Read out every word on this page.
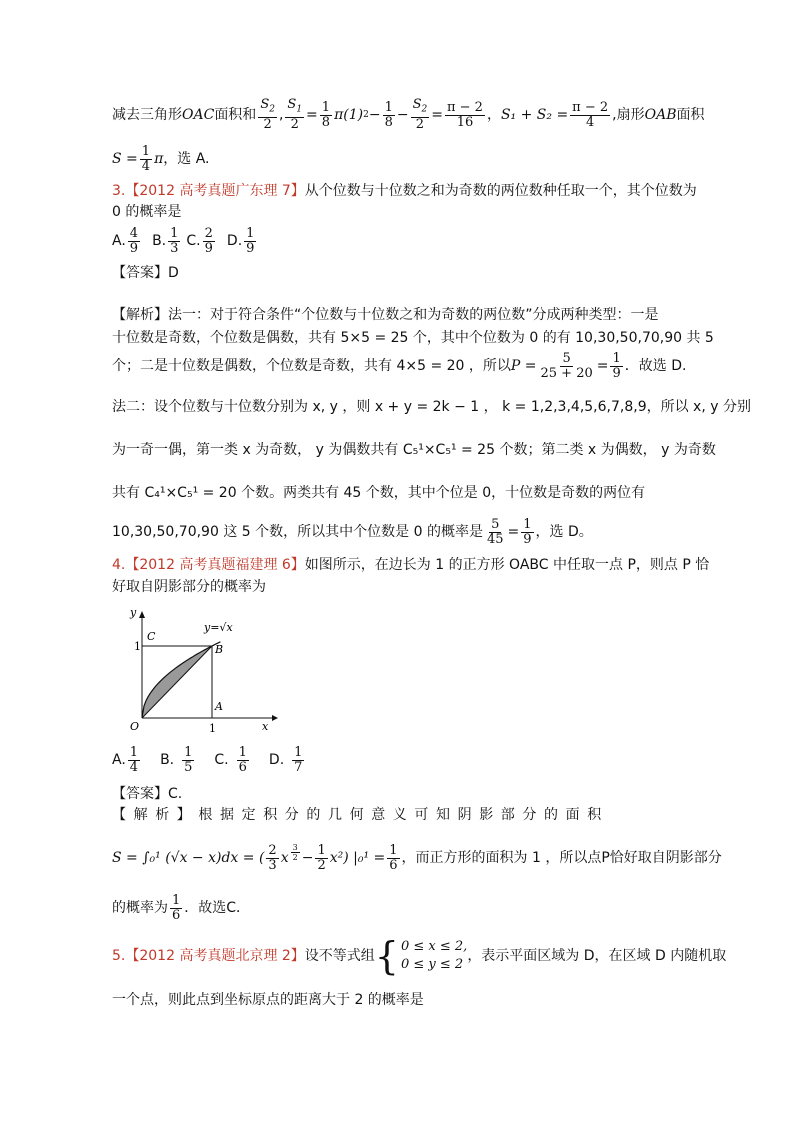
减去三角形 OAC 面积和 $\frac{S_2}{2}$ , $\frac{S_1}{2} = \frac{1}{8} \pi(1) 2 - \frac{1}{8} - \frac{S_2}{2} = \frac{\pi - 2}{16}$ ， $S_1 + S_2 = \frac{\pi - 2}{4}$ , 扇形 OAB 面积
$S = \frac{1}{4}$ π ，选 A.
3.【2012 高考真题广东理 7】从个位数与十位数之和为奇数的两位数种任取一个，其个位数为
0 的概率是
A. $\frac{4}{9} B$. $\frac{1}{3} C$. $\frac{2}{9} D$. $\frac{1}{9}$
【答案】D
【解析】法一：对于符合条件“个位数与十位数之和为奇数的两位数”分成两种类型：一是
十位数是奇数，个位数是偶数，共有 5×5 = 25 个，其中个位数为 0 的有 10,30,50,70,90 共 5
个；二是十位数是偶数，个位数是奇数，共有 4×5 = 20 ，所以 $P = \frac{5}{25 + 20} = \frac{1}{9}$ ．故选 D.
法二：设个位数与十位数分别为 x, y ，则 x + y = 2k − 1 ， k = 1,2,3,4,5,6,7,8,9，所以 x, y 分别
为一奇一偶，第一类 x 为奇数， y 为偶数共有 C₅¹×C₅¹ = 25 个数；第二类 x 为偶数， y 为奇数
共有 C₄¹×C₅¹ = 20 个数。两类共有 45 个数，其中个位是 0，十位数是奇数的两位有
10,30,50,70,90 这 5 个数，所以其中个位数是 0 的概率是 $\frac{5}{45} = \frac{1}{9}$ ，选 D。
4.【2012 高考真题福建理 6】如图所示，在边长为 1 的正方形 OABC 中任取一点 P，则点 P 恰
好取自阴影部分的概率为
y
x
C
B
A
O
1
1
y=√x
A. $\frac{1}{4} B$. $\frac{1}{5} C$. $\frac{1}{6} D$. $\frac{1}{7}$
【答案】C.
【解析】根据定积分的几何意义可知阴影部分的面积
S = ∫₀¹ (√x − x)dx = ( $\frac{2}{3}$ x $\frac{3}{2} - \frac{1}{2} x^2$) $|_0^1 = \frac{1}{6}$ ，而正方形的面积为 1 ，所以点P恰好取自阴影部分
的概率为 $\frac{1}{6}$ ．故选C．
5. 【2012 高考真题北京理 2】 设不等式组 { 0 ≤ x ≤ 2,
0 ≤ y ≤ 2
，表示平面区域为 D，在区域 D 内随机取
一个点，则此点到坐标原点的距离大于 2 的概率是
